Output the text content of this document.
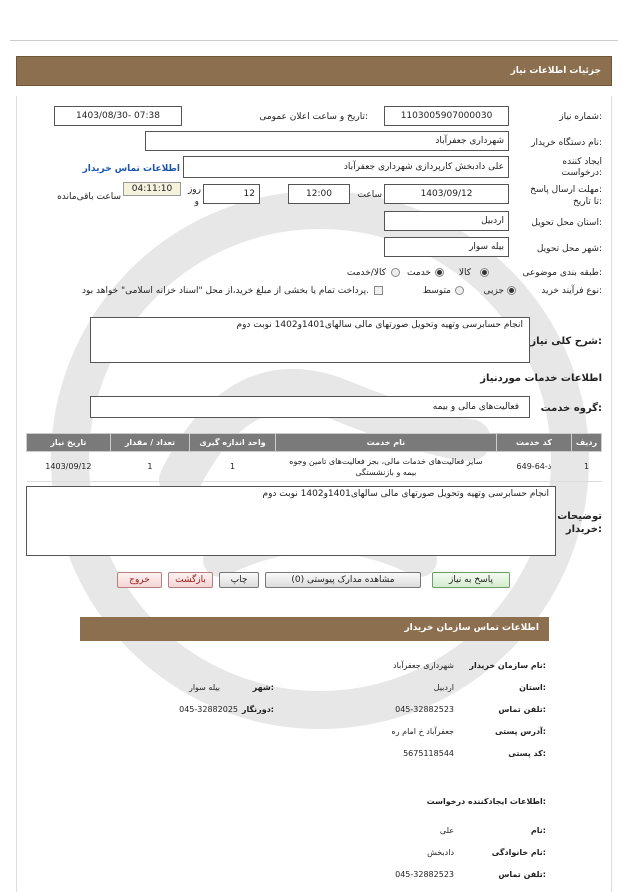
جزئیات اطلاعات نیاز
شماره نیاز:
1103005907000030
تاریخ و ساعت اعلان عمومی:
1403/08/30- 07:38
نام دستگاه خریدار:
شهرداری جعفرآباد
ایجاد کننده
درخواست:
علی دادبخش کارپردازی شهرداری جعفرآباد
اطلاعات تماس خریدار
مهلت ارسال پاسخ:
تا تاریخ:
1403/09/12
ساعت
12:00
12
روز
و
04:11:10
ساعت باقی‌مانده
استان محل تحویل:
اردبیل
شهر محل تحویل:
بیله سوار
طبقه بندی موضوعی:
کالا
خدمت
کالا/خدمت
نوع فرآیند خرید:
جزیی
متوسط
پرداخت تمام یا بخشی از مبلغ خرید،از محل "اسناد خزانه اسلامی" خواهد بود.
شرح کلی نیاز:
انجام حسابرسی وتهیه وتحویل صورتهای مالی سالهای1401و1402 نوبت دوم
اطلاعات خدمات موردنیاز
گروه خدمت:
فعالیت‌های مالی و بیمه
ردیف	کد خدمت	نام خدمت	واحد اندازه گیری	تعداد / مقدار	تاریخ نیاز
1	ذ-64-649	سایر فعالیت‌های خدمات مالی، بجز فعالیت‌های تامین وجوه بیمه و بازنشستگی	1	1	1403/09/12
توضیحات
خریدار:
انجام حسابرسی وتهیه وتحویل صورتهای مالی سالهای1401و1402 نوبت دوم
پاسخ به نیاز
مشاهده مدارک پیوستی (0)
چاپ
بازگشت
خروج
اطلاعات تماس سازمان خریدار
نام سازمان خریدار:
شهرداری جعفرآباد
استان:
اردبیل
شهر:
بیله سوار
تلفن تماس:
045-32882523
دورنگار:
045-32882025
آدرس پستی:
جعفرآباد خ امام ره
کد پستی:
5675118544
اطلاعات ایجادکننده درخواست:
نام:
علی
نام خانوادگی:
دادبخش
تلفن تماس:
045-32882523
